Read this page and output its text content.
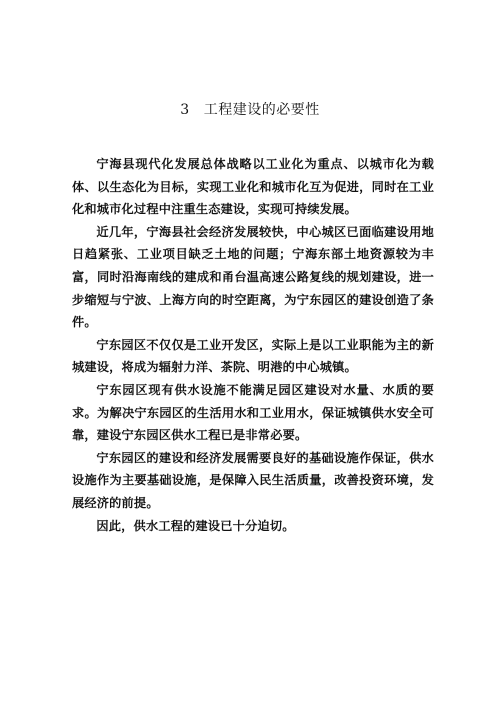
3 工程建设的必要性

宁海县现代化发展总体战略以工业化为重点、以城市化为载体、以生态化为目标，实现工业化和城市化互为促进，同时在工业化和城市化过程中注重生态建设，实现可持续发展。

近几年，宁海县社会经济发展较快，中心城区已面临建设用地日趋紧张、工业项目缺乏土地的问题；宁海东部土地资源较为丰富，同时沿海南线的建成和甬台温高速公路复线的规划建设，进一步缩短与宁波、上海方向的时空距离，为宁东园区的建设创造了条件。

宁东园区不仅仅是工业开发区，实际上是以工业职能为主的新城建设，将成为辐射力洋、茶院、明港的中心城镇。

宁东园区现有供水设施不能满足园区建设对水量、水质的要求。为解决宁东园区的生活用水和工业用水，保证城镇供水安全可靠，建设宁东园区供水工程已是非常必要。

宁东园区的建设和经济发展需要良好的基础设施作保证，供水设施作为主要基础设施，是保障入民生活质量，改善投资环境，发展经济的前提。

因此，供水工程的建设已十分迫切。
